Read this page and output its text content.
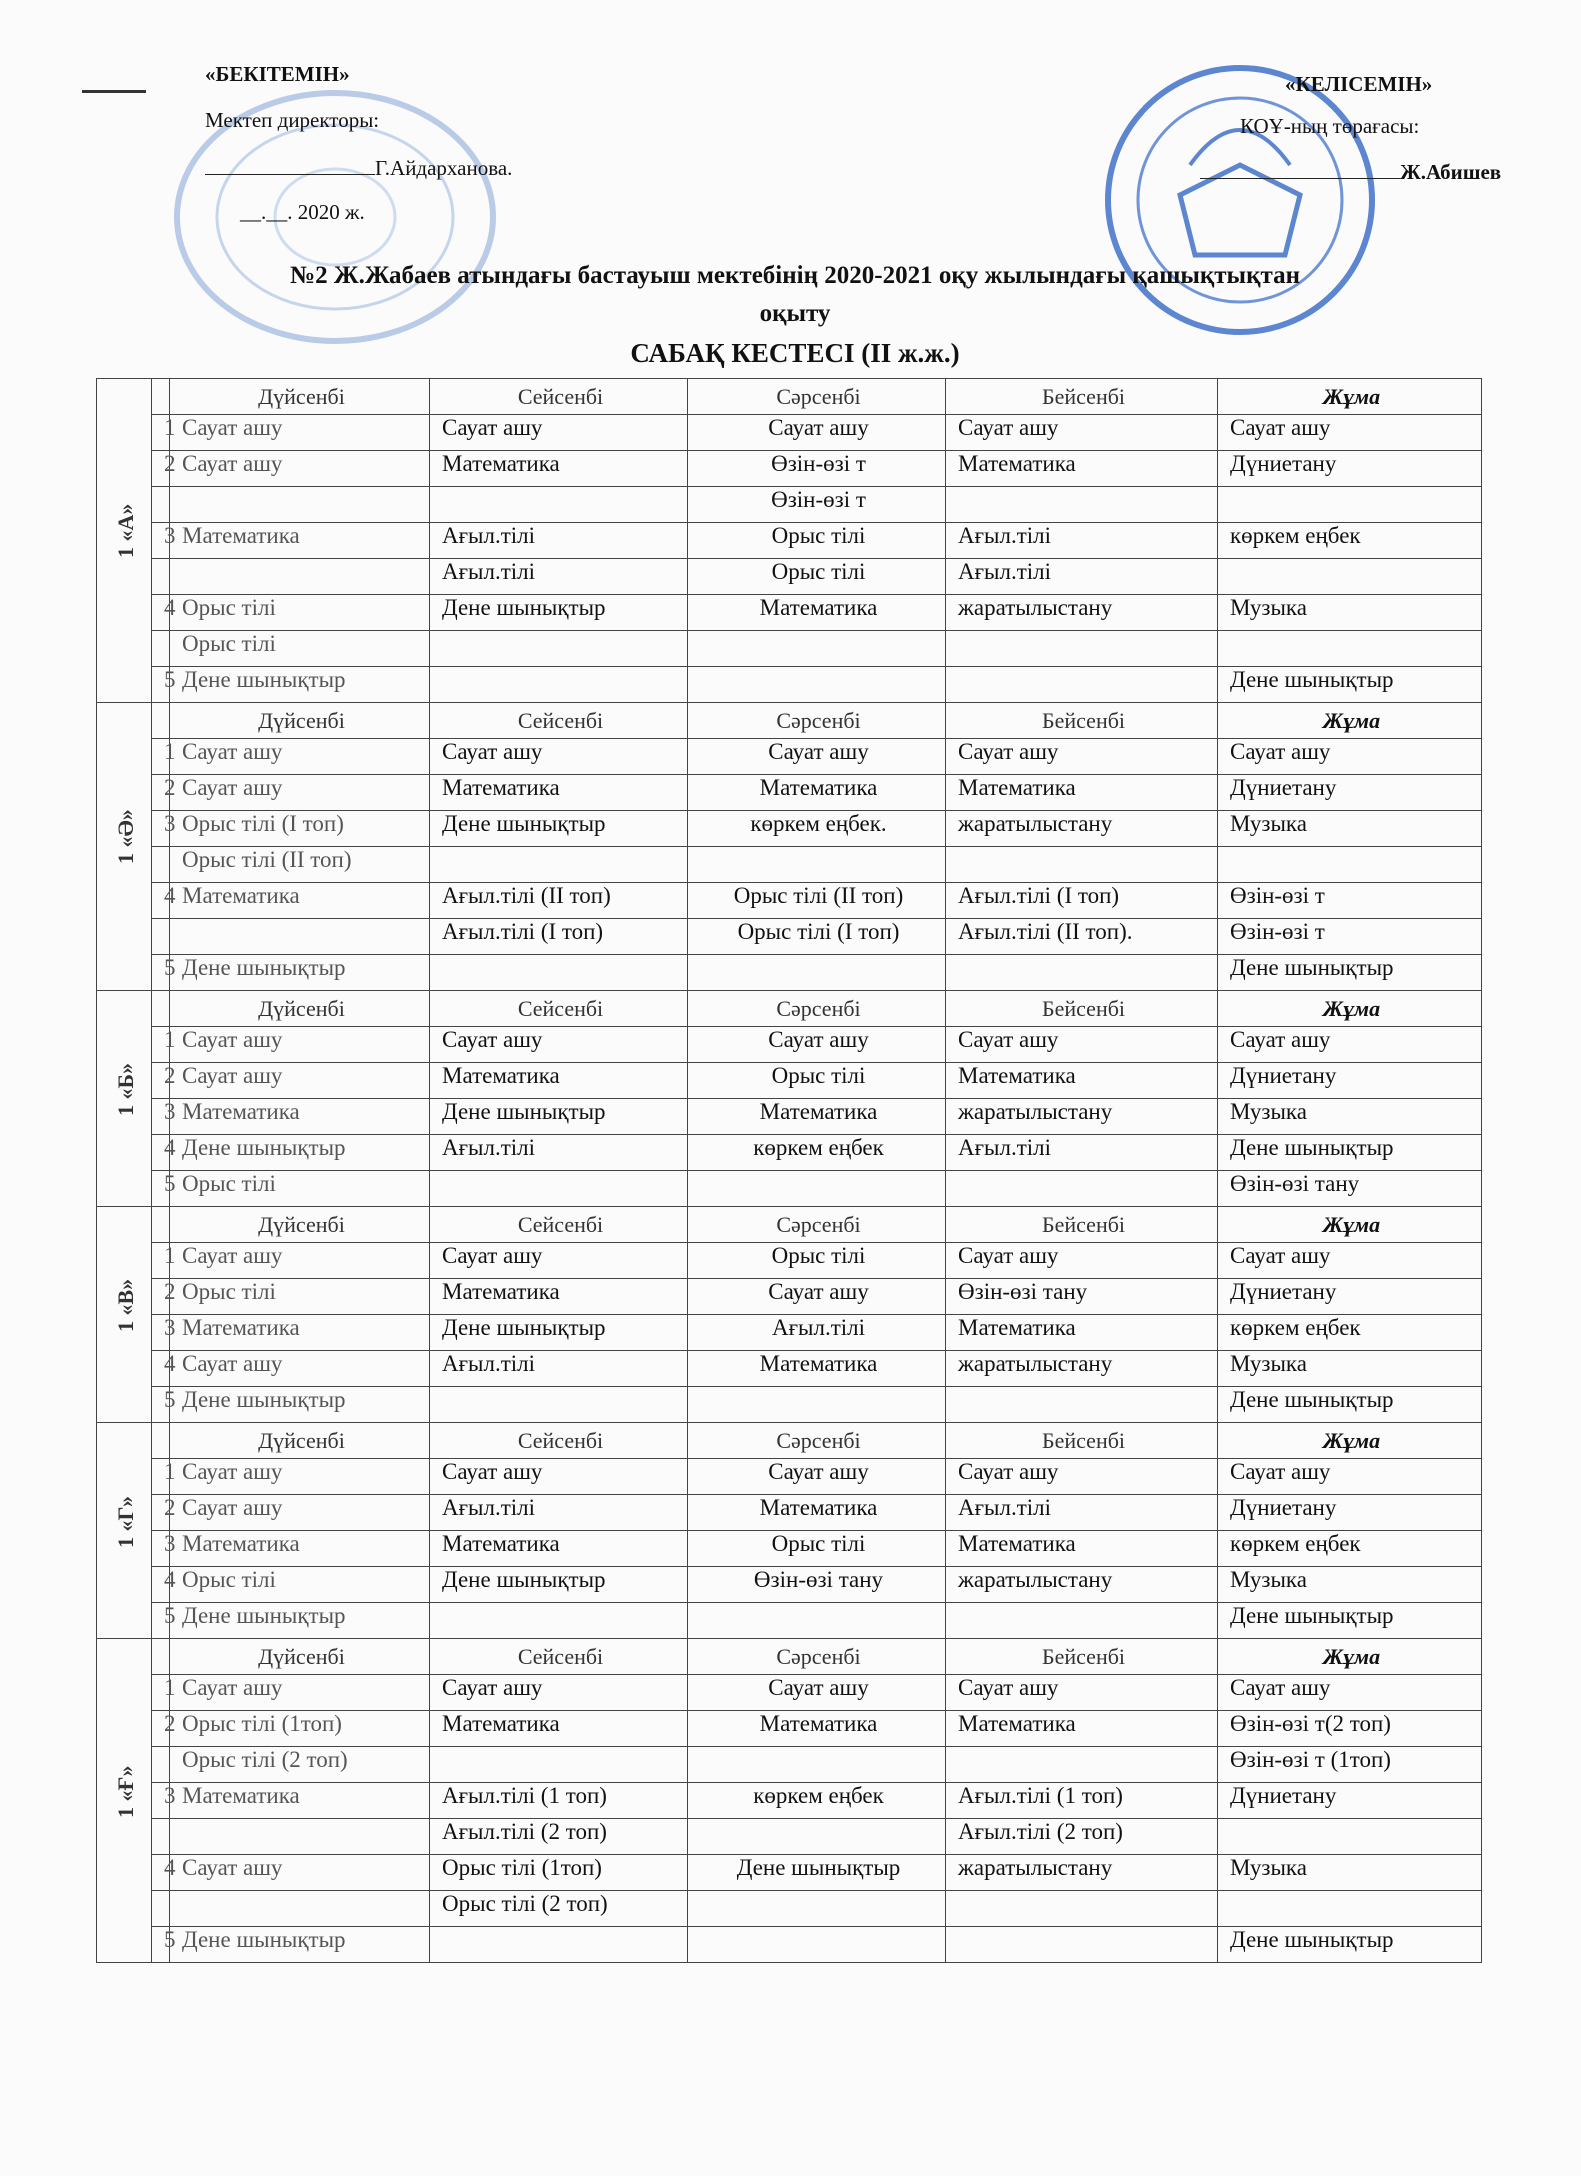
«БЕКІТЕМІН»
Мектеп директоры:
Г.Айдарханова.
__.__. 2020 ж.
«КЕЛІСЕМІН»
КОҰ-ның төрағасы:
Ж.Абишев
№2 Ж.Жабаев атындағы бастауыш мектебінің 2020-2021 оқу жылындағы қашықтықтан
оқыту
САБАҚ КЕСТЕСІ (ІІ ж.ж.)
1 «А»		Дүйсенбі	Сейсенбі	Сәрсенбі	Бейсенбі	Жұма
	1	Сауат ашу	Сауат ашу	Сауат ашу	Сауат ашу	Сауат ашу
	2	Сауат ашу	Математика	Өзін-өзі т	Математика	Дүниетану
				Өзін-өзі т		
	3	Математика	Ағыл.тілі	Орыс тілі	Ағыл.тілі	көркем еңбек
			Ағыл.тілі	Орыс тілі	Ағыл.тілі	
	4	Орыс тілі	Дене шынықтыр	Математика	жаратылыстану	Музыка
		Орыс тілі				
	5	Дене шынықтыр				Дене шынықтыр

1 «Ә»		Дүйсенбі	Сейсенбі	Сәрсенбі	Бейсенбі	Жұма
	1	Сауат ашу	Сауат ашу	Сауат ашу	Сауат ашу	Сауат ашу
	2	Сауат ашу	Математика	Математика	Математика	Дүниетану
	3	Орыс тілі (І топ)	Дене шынықтыр	көркем еңбек.	жаратылыстану	Музыка
		Орыс тілі (ІІ топ)				
	4	Математика	Ағыл.тілі (ІІ топ)	Орыс тілі (ІІ топ)	Ағыл.тілі (І топ)	Өзін-өзі т
			Ағыл.тілі (І топ)	Орыс тілі (І топ)	Ағыл.тілі (ІІ топ).	Өзін-өзі т
	5	Дене шынықтыр				Дене шынықтыр

1 «Б»		Дүйсенбі	Сейсенбі	Сәрсенбі	Бейсенбі	Жұма
	1	Сауат ашу	Сауат ашу	Сауат ашу	Сауат ашу	Сауат ашу
	2	Сауат ашу	Математика	Орыс тілі	Математика	Дүниетану
	3	Математика	Дене шынықтыр	Математика	жаратылыстану	Музыка
	4	Дене шынықтыр	Ағыл.тілі	көркем еңбек	Ағыл.тілі	Дене шынықтыр
	5	Орыс тілі				Өзін-өзі тану

1 «В»		Дүйсенбі	Сейсенбі	Сәрсенбі	Бейсенбі	Жұма
	1	Сауат ашу	Сауат ашу	Орыс тілі	Сауат ашу	Сауат ашу
	2	Орыс тілі	Математика	Сауат ашу	Өзін-өзі тану	Дүниетану
	3	Математика	Дене шынықтыр	Ағыл.тілі	Математика	көркем еңбек
	4	Сауат ашу	Ағыл.тілі	Математика	жаратылыстану	Музыка
	5	Дене шынықтыр				Дене шынықтыр

1 «Г»		Дүйсенбі	Сейсенбі	Сәрсенбі	Бейсенбі	Жұма
	1	Сауат ашу	Сауат ашу	Сауат ашу	Сауат ашу	Сауат ашу
	2	Сауат ашу	Ағыл.тілі	Математика	Ағыл.тілі	Дүниетану
	3	Математика	Математика	Орыс тілі	Математика	көркем еңбек
	4	Орыс тілі	Дене шынықтыр	Өзін-өзі тану	жаратылыстану	Музыка
	5	Дене шынықтыр				Дене шынықтыр

1 «Ғ»		Дүйсенбі	Сейсенбі	Сәрсенбі	Бейсенбі	Жұма
	1	Сауат ашу	Сауат ашу	Сауат ашу	Сауат ашу	Сауат ашу
	2	Орыс тілі (1топ)	Математика	Математика	Математика	Өзін-өзі т(2 топ)
		Орыс тілі (2 топ)				Өзін-өзі т (1топ)
	3	Математика	Ағыл.тілі (1 топ)	көркем еңбек	Ағыл.тілі (1 топ)	Дүниетану
			Ағыл.тілі (2 топ)		Ағыл.тілі (2 топ)	
	4	Сауат ашу	Орыс тілі (1топ)	Дене шынықтыр	жаратылыстану	Музыка
			Орыс тілі (2 топ)			
	5	Дене шынықтыр				Дене шынықтыр
